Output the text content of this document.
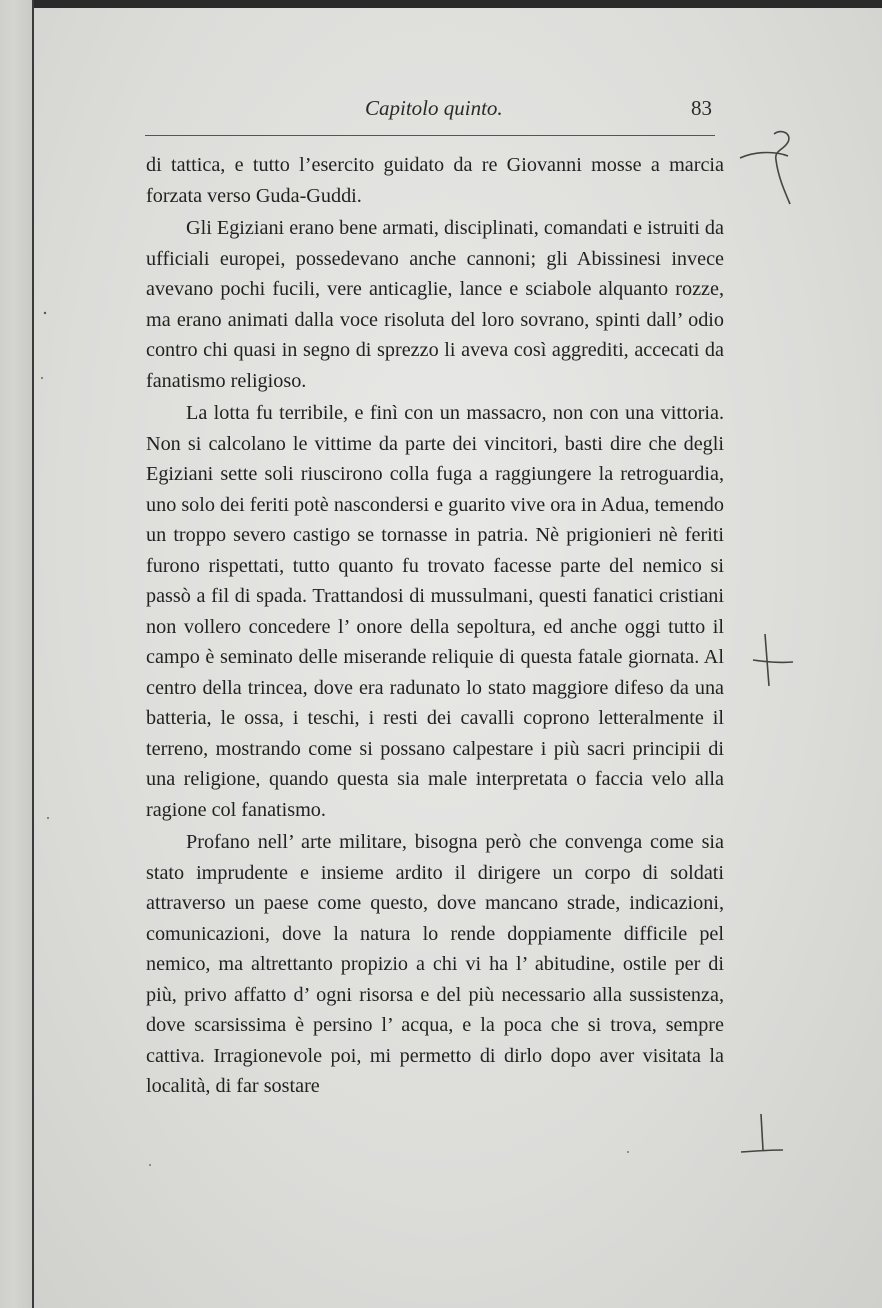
Capitolo quinto.	83

di tattica, e tutto l’esercito guidato da re Giovanni mosse a marcia forzata verso Guda-Guddi.

Gli Egiziani erano bene armati, disciplinati, comandati e istruiti da ufficiali europei, possedevano anche cannoni; gli Abissinesi invece avevano pochi fucili, vere anticaglie, lance e sciabole alquanto rozze, ma erano animati dalla voce risoluta del loro sovrano, spinti dall’ odio contro chi quasi in segno di sprezzo li aveva così aggrediti, accecati da fanatismo religioso.

La lotta fu terribile, e finì con un massacro, non con una vittoria. Non si calcolano le vittime da parte dei vincitori, basti dire che degli Egiziani sette soli riuscirono colla fuga a raggiungere la retroguardia, uno solo dei feriti potè nascondersi e guarito vive ora in Adua, temendo un troppo severo castigo se tornasse in patria. Nè prigionieri nè feriti furono rispettati, tutto quanto fu trovato facesse parte del nemico si passò a fil di spada. Trattandosi di mussulmani, questi fanatici cristiani non vollero concedere l’ onore della sepoltura, ed anche oggi tutto il campo è seminato delle miserande reliquie di questa fatale giornata. Al centro della trincea, dove era radunato lo stato maggiore difeso da una batteria, le ossa, i teschi, i resti dei cavalli coprono letteralmente il terreno, mostrando come si possano calpestare i più sacri principii di una religione, quando questa sia male interpretata o faccia velo alla ragione col fanatismo.

Profano nell’ arte militare, bisogna però che convenga come sia stato imprudente e insieme ardito il dirigere un corpo di soldati attraverso un paese come questo, dove mancano strade, indicazioni, comunicazioni, dove la natura lo rende doppiamente difficile pel nemico, ma altrettanto propizio a chi vi ha l’ abitudine, ostile per di più, privo affatto d’ ogni risorsa e del più necessario alla sussistenza, dove scarsissima è persino l’ acqua, e la poca che si trova, sempre cattiva. Irragionevole poi, mi permetto di dirlo dopo aver visitata la località, di far sostare
